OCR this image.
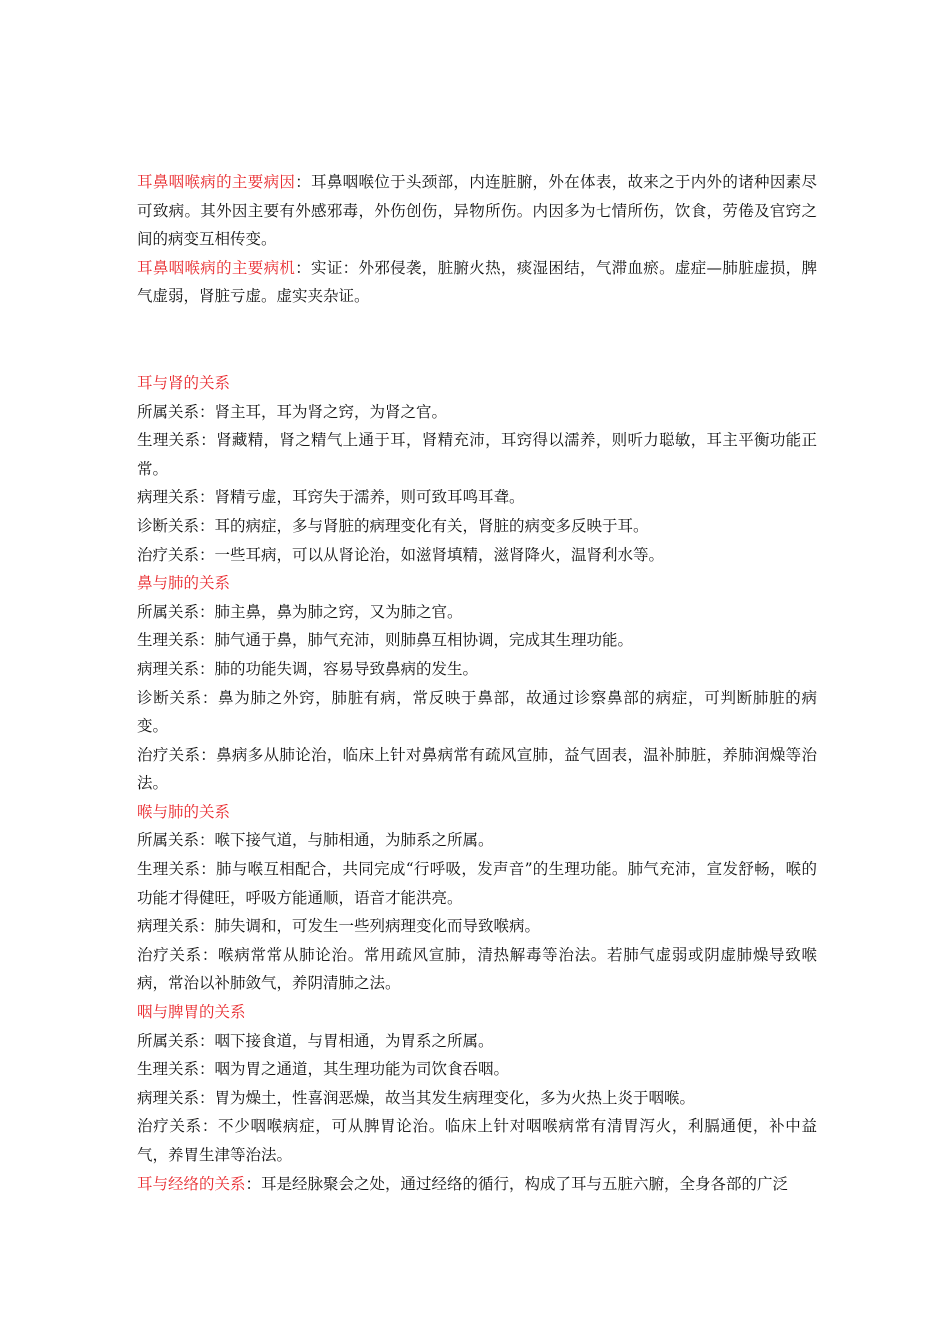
耳鼻咽喉病的主要病因：耳鼻咽喉位于头颈部，内连脏腑，外在体表，故来之于内外的诸种因素尽可致病。其外因主要有外感邪毒，外伤创伤，异物所伤。内因多为七情所伤，饮食，劳倦及官窍之间的病变互相传变。

耳鼻咽喉病的主要病机：实证：外邪侵袭，脏腑火热，痰湿困结，气滞血瘀。虚症—肺脏虚损，脾气虚弱，肾脏亏虚。虚实夹杂证。

耳与肾的关系

所属关系：肾主耳，耳为肾之窍，为肾之官。

生理关系：肾藏精，肾之精气上通于耳，肾精充沛，耳窍得以濡养，则听力聪敏，耳主平衡功能正常。

病理关系：肾精亏虚，耳窍失于濡养，则可致耳鸣耳聋。

诊断关系：耳的病症，多与肾脏的病理变化有关，肾脏的病变多反映于耳。

治疗关系：一些耳病，可以从肾论治，如滋肾填精，滋肾降火，温肾利水等。

鼻与肺的关系

所属关系：肺主鼻，鼻为肺之窍，又为肺之官。

生理关系：肺气通于鼻，肺气充沛，则肺鼻互相协调，完成其生理功能。

病理关系：肺的功能失调，容易导致鼻病的发生。

诊断关系：鼻为肺之外窍，肺脏有病，常反映于鼻部，故通过诊察鼻部的病症，可判断肺脏的病变。

治疗关系：鼻病多从肺论治，临床上针对鼻病常有疏风宣肺，益气固表，温补肺脏，养肺润燥等治法。

喉与肺的关系

所属关系：喉下接气道，与肺相通，为肺系之所属。

生理关系：肺与喉互相配合，共同完成“行呼吸，发声音”的生理功能。肺气充沛，宣发舒畅，喉的功能才得健旺，呼吸方能通顺，语音才能洪亮。

病理关系：肺失调和，可发生一些列病理变化而导致喉病。

治疗关系：喉病常常从肺论治。常用疏风宣肺，清热解毒等治法。若肺气虚弱或阴虚肺燥导致喉病，常治以补肺敛气，养阴清肺之法。

咽与脾胃的关系

所属关系：咽下接食道，与胃相通，为胃系之所属。

生理关系：咽为胃之通道，其生理功能为司饮食吞咽。

病理关系：胃为燥土，性喜润恶燥，故当其发生病理变化，多为火热上炎于咽喉。

治疗关系：不少咽喉病症，可从脾胃论治。临床上针对咽喉病常有清胃泻火，利膈通便，补中益气，养胃生津等治法。

耳与经络的关系：耳是经脉聚会之处，通过经络的循行，构成了耳与五脏六腑，全身各部的广泛
